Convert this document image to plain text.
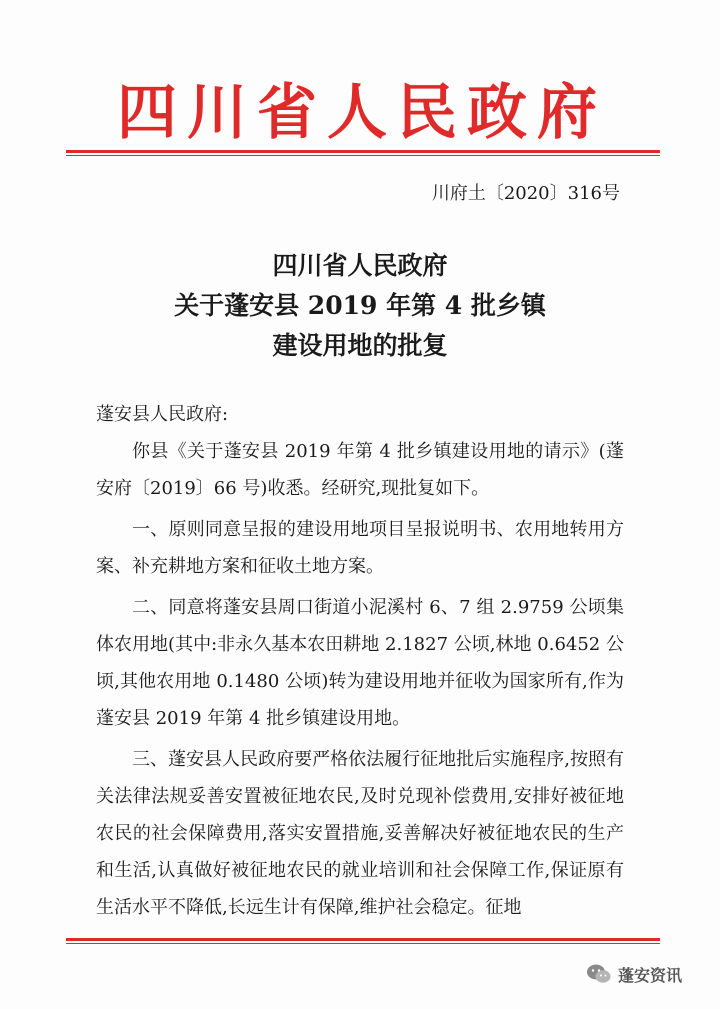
四川省人民政府
川府土〔2020〕316号
四川省人民政府
关于蓬安县 2019 年第 4 批乡镇
建设用地的批复
蓬安县人民政府:

你县《关于蓬安县 2019 年第 4 批乡镇建设用地的请示》(蓬安府〔2019〕66 号)收悉。经研究,现批复如下。

一、原则同意呈报的建设用地项目呈报说明书、农用地转用方案、补充耕地方案和征收土地方案。

二、同意将蓬安县周口街道小泥溪村 6、7 组 2.9759 公顷集体农用地(其中:非永久基本农田耕地 2.1827 公顷,林地 0.6452 公顷,其他农用地 0.1480 公顷)转为建设用地并征收为国家所有,作为蓬安县 2019 年第 4 批乡镇建设用地。

三、蓬安县人民政府要严格依法履行征地批后实施程序,按照有关法律法规妥善安置被征地农民,及时兑现补偿费用,安排好被征地农民的社会保障费用,落实安置措施,妥善解决好被征地农民的生产和生活,认真做好被征地农民的就业培训和社会保障工作,保证原有生活水平不降低,长远生计有保障,维护社会稳定。征地

蓬安资讯
